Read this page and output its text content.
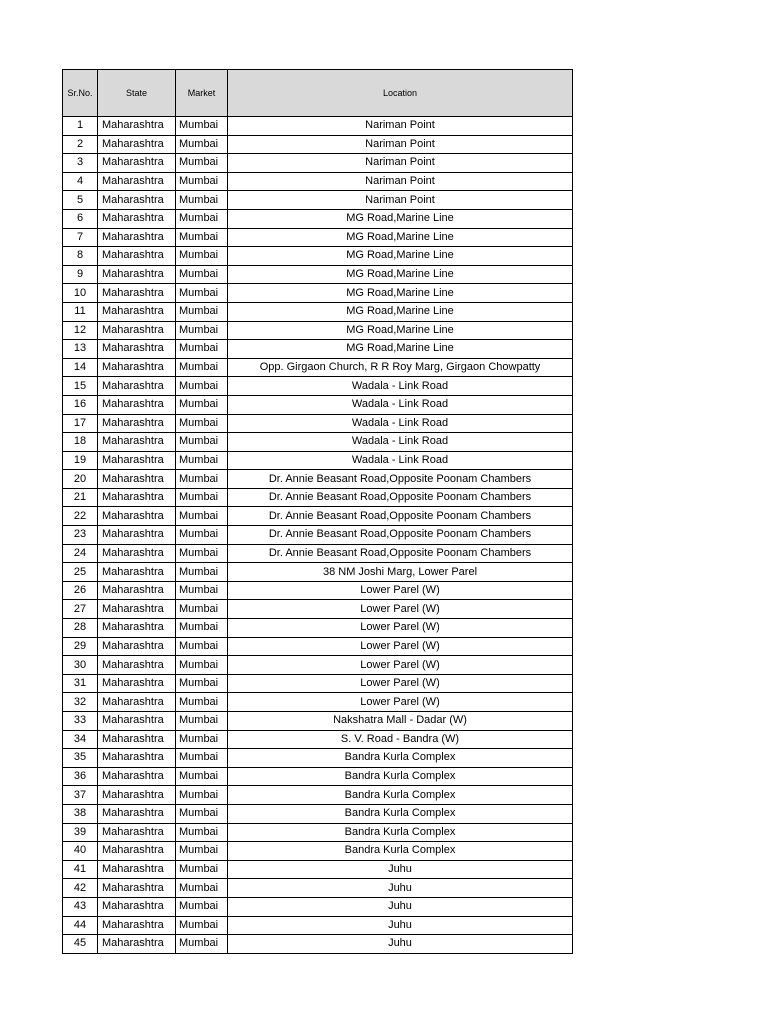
Sr.No.	State	Market	Location
1	Maharashtra	Mumbai	Nariman Point
2	Maharashtra	Mumbai	Nariman Point
3	Maharashtra	Mumbai	Nariman Point
4	Maharashtra	Mumbai	Nariman Point
5	Maharashtra	Mumbai	Nariman Point
6	Maharashtra	Mumbai	MG Road,Marine Line
7	Maharashtra	Mumbai	MG Road,Marine Line
8	Maharashtra	Mumbai	MG Road,Marine Line
9	Maharashtra	Mumbai	MG Road,Marine Line
10	Maharashtra	Mumbai	MG Road,Marine Line
11	Maharashtra	Mumbai	MG Road,Marine Line
12	Maharashtra	Mumbai	MG Road,Marine Line
13	Maharashtra	Mumbai	MG Road,Marine Line
14	Maharashtra	Mumbai	Opp. Girgaon Church, R R Roy Marg, Girgaon Chowpatty
15	Maharashtra	Mumbai	Wadala - Link Road
16	Maharashtra	Mumbai	Wadala - Link Road
17	Maharashtra	Mumbai	Wadala - Link Road
18	Maharashtra	Mumbai	Wadala - Link Road
19	Maharashtra	Mumbai	Wadala - Link Road
20	Maharashtra	Mumbai	Dr. Annie Beasant Road,Opposite Poonam Chambers
21	Maharashtra	Mumbai	Dr. Annie Beasant Road,Opposite Poonam Chambers
22	Maharashtra	Mumbai	Dr. Annie Beasant Road,Opposite Poonam Chambers
23	Maharashtra	Mumbai	Dr. Annie Beasant Road,Opposite Poonam Chambers
24	Maharashtra	Mumbai	Dr. Annie Beasant Road,Opposite Poonam Chambers
25	Maharashtra	Mumbai	38 NM Joshi Marg, Lower Parel
26	Maharashtra	Mumbai	Lower Parel (W)
27	Maharashtra	Mumbai	Lower Parel (W)
28	Maharashtra	Mumbai	Lower Parel (W)
29	Maharashtra	Mumbai	Lower Parel (W)
30	Maharashtra	Mumbai	Lower Parel (W)
31	Maharashtra	Mumbai	Lower Parel (W)
32	Maharashtra	Mumbai	Lower Parel (W)
33	Maharashtra	Mumbai	Nakshatra Mall - Dadar (W)
34	Maharashtra	Mumbai	S. V. Road - Bandra (W)
35	Maharashtra	Mumbai	Bandra Kurla Complex
36	Maharashtra	Mumbai	Bandra Kurla Complex
37	Maharashtra	Mumbai	Bandra Kurla Complex
38	Maharashtra	Mumbai	Bandra Kurla Complex
39	Maharashtra	Mumbai	Bandra Kurla Complex
40	Maharashtra	Mumbai	Bandra Kurla Complex
41	Maharashtra	Mumbai	Juhu
42	Maharashtra	Mumbai	Juhu
43	Maharashtra	Mumbai	Juhu
44	Maharashtra	Mumbai	Juhu
45	Maharashtra	Mumbai	Juhu
